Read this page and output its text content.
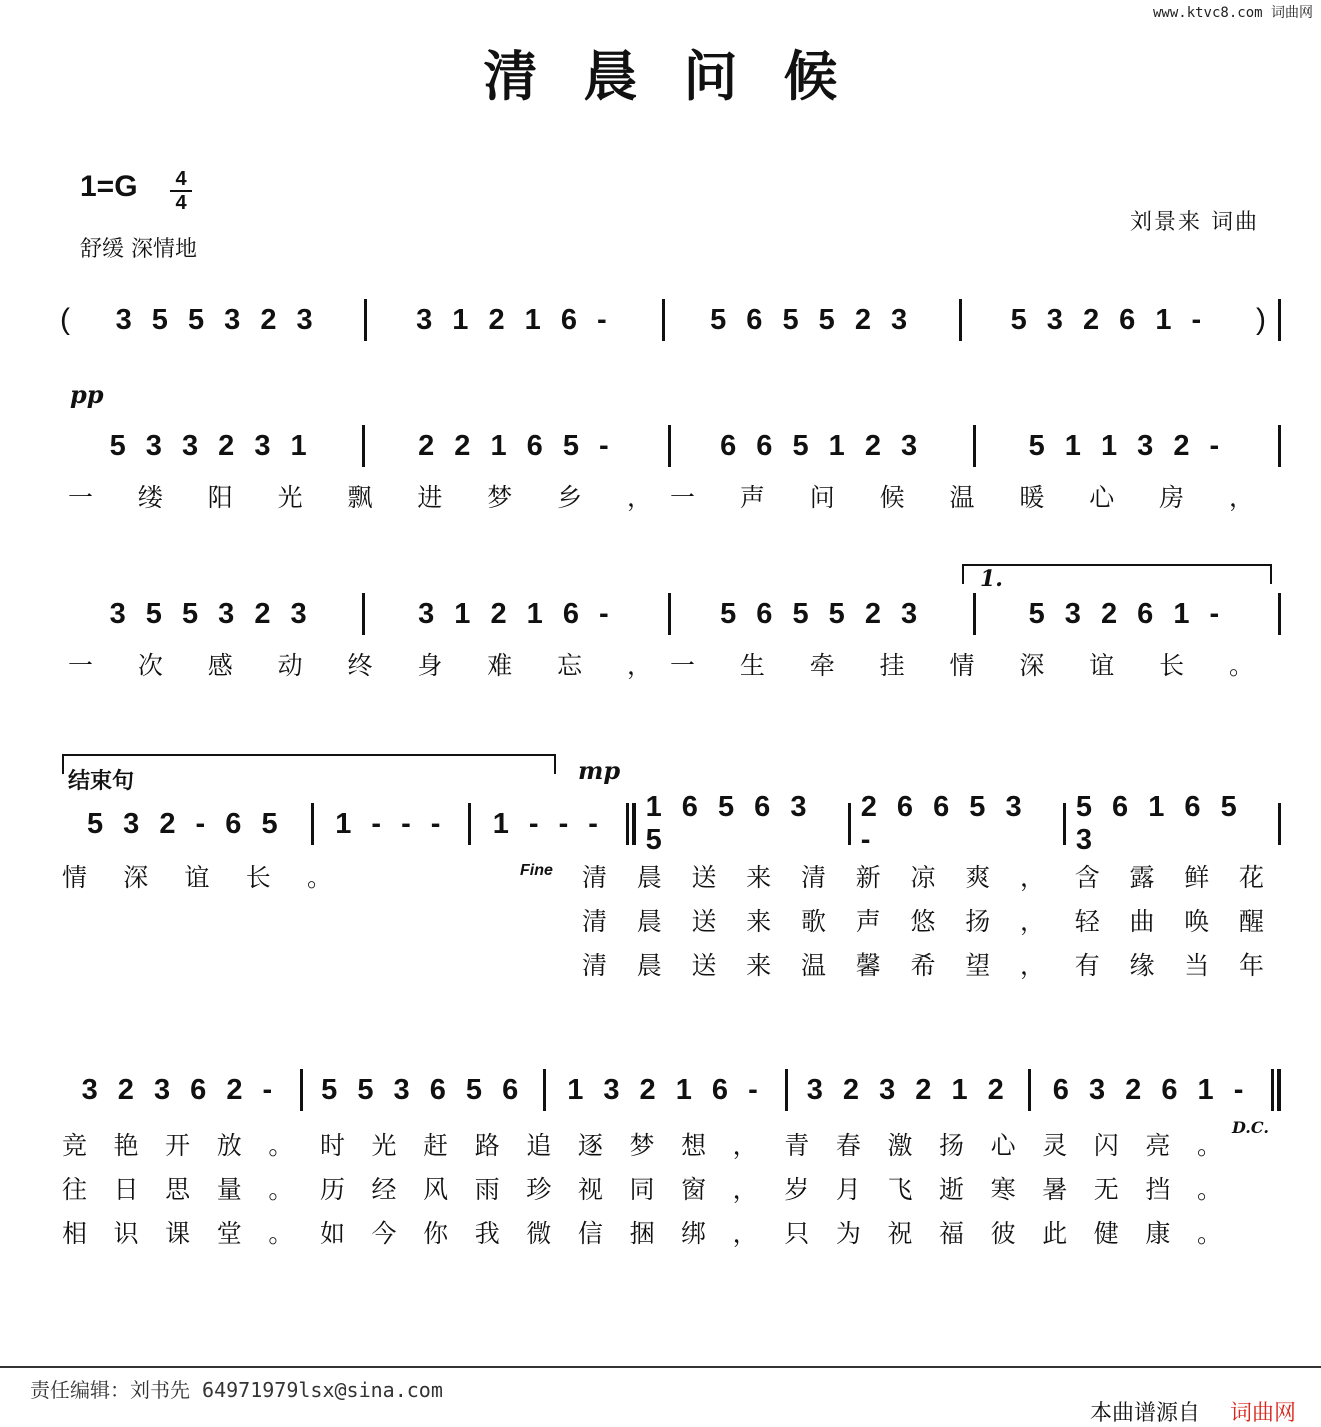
www.ktvc8.com 词曲网
清晨问候
1=G 4
4
舒缓 深情地
刘景来 词曲
(	3 5 5 3 2 3	3 1 2 1 6 -	5 6 5 5 2 3	5 3 2 6 1 -	)
pp
5 3 3 2 3 1	2 2 1 6 5 -	6 6 5 1 2 3	5 1 1 3 2 -
一缕阳光飘进梦乡， 一声问候温暖心房，
1.
3 5 5 3 2 3	3 1 2 1 6 -	5 6 5 5 2 3	5 3 2 6 1 -
一次感动终身难忘， 一生牵挂情深谊长。
结束句	mp
5 3 2 - 6 5	1 - - -	1 - - -
1 6 5 6 3 5
2 6 6 5 3 -
5 6 1 6 5 3
情深谊长。	Fine 清晨送来清新凉爽，含露鲜花
清晨送来歌声悠扬，轻曲唤醒
清晨送来温馨希望，有缘当年
3 2 3 6 2 -	5 5 3 6 5 6	1 3 2 1 6 -	3 2 3 2 1 2	6 3 2 6 1 -
D.C.
竞艳开放。时光赶路追逐梦想，青春激扬心灵闪亮。
往日思量。历经风雨珍视同窗，岁月飞逝寒暑无挡。
相识课堂。如今你我微信捆绑，只为祝福彼此健康。
责任编辑：刘书先 64971979lsx@sina.com
本曲谱源自 词曲网
